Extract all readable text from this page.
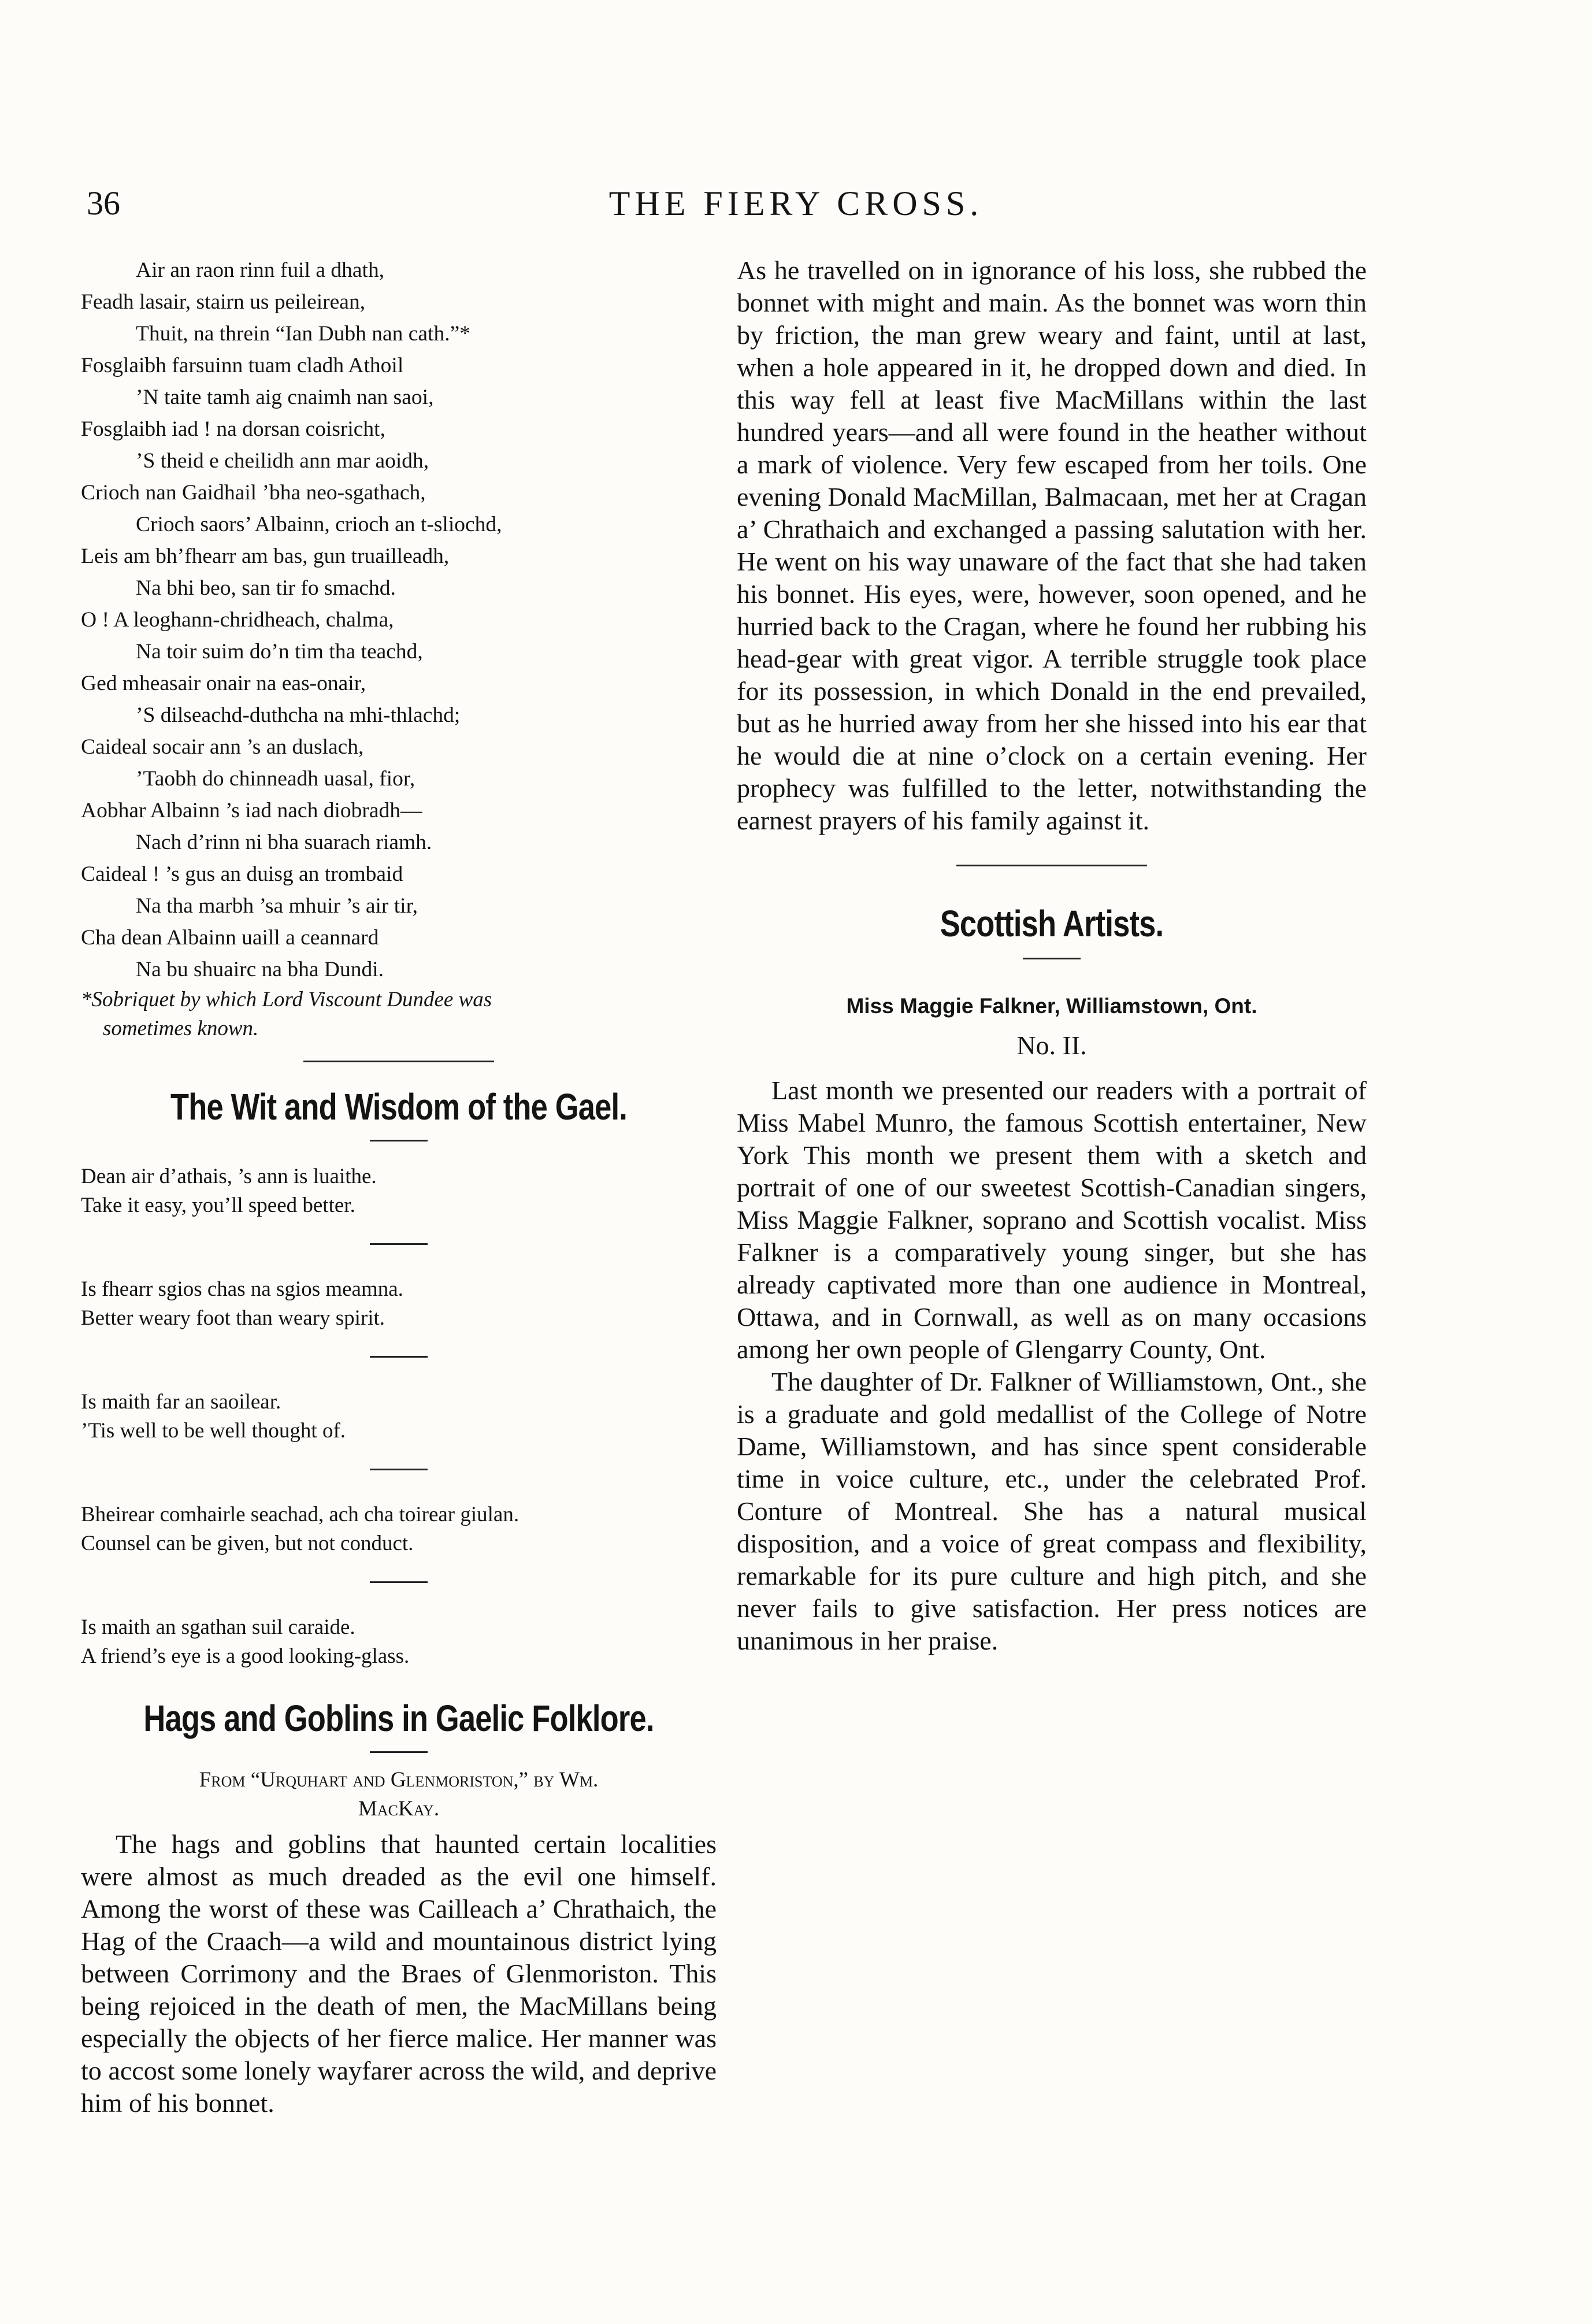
36	THE FIERY CROSS.
Air an raon rinn fuil a dhath,
Feadh lasair, stairn us peileirean,
Thuit, na threin “Ian Dubh nan cath.”*
Fosglaibh farsuinn tuam cladh Athoil
’N taite tamh aig cnaimh nan saoi,
Fosglaibh iad ! na dorsan coisricht,
’S theid e cheilidh ann mar aoidh,
Crioch nan Gaidhail ’bha neo-sgathach,
Crioch saors’ Albainn, crioch an t-sliochd,
Leis am bh’fhearr am bas, gun truailleadh,
Na bhi beo, san tir fo smachd.
O ! A leoghann-chridheach, chalma,
Na toir suim do’n tim tha teachd,
Ged mheasair onair na eas-onair,
’S dilseachd-duthcha na mhi-thlachd;
Caideal socair ann ’s an duslach,
’Taobh do chinneadh uasal, fior,
Aobhar Albainn ’s iad nach diobradh—
Nach d’rinn ni bha suarach riamh.
Caideal ! ’s gus an duisg an trombaid
Na tha marbh ’sa mhuir ’s air tir,
Cha dean Albainn uaill a ceannard
Na bu shuairc na bha Dundi.
*Sobriquet by which Lord Viscount Dundee was
sometimes known.
The Wit and Wisdom of the Gael.
Dean air d’athais, ’s ann is luaithe.
Take it easy, you’ll speed better.
Is fhearr sgios chas na sgios meamna.
Better weary foot than weary spirit.
Is maith far an saoilear.
’Tis well to be well thought of.
Bheirear comhairle seachad, ach cha toirear giulan.
Counsel can be given, but not conduct.
Is maith an sgathan suil caraide.
A friend’s eye is a good looking-glass.
Hags and Goblins in Gaelic Folklore.
From “Urquhart and Glenmoriston,” by Wm.
MacKay.

The hags and goblins that haunted certain localities were almost as much dreaded as the evil one himself. Among the worst of these was Cailleach a’ Chrathaich, the Hag of the Craach—a wild and mountainous district lying between Corrimony and the Braes of Glenmoriston. This being rejoiced in the death of men, the MacMillans being especially the objects of her fierce malice. Her manner was to accost some lonely wayfarer across the wild, and deprive him of his bonnet.

As he travelled on in ignorance of his loss, she rubbed the bonnet with might and main. As the bonnet was worn thin by friction, the man grew weary and faint, until at last, when a hole appeared in it, he dropped down and died. In this way fell at least five MacMillans within the last hundred years—and all were found in the heather without a mark of violence. Very few escaped from her toils. One evening Donald MacMillan, Balmacaan, met her at Cragan a’ Chrathaich and exchanged a passing salutation with her. He went on his way unaware of the fact that she had taken his bonnet. His eyes, were, however, soon opened, and he hurried back to the Cragan, where he found her rubbing his head-gear with great vigor. A terrible struggle took place for its possession, in which Donald in the end prevailed, but as he hurried away from her she hissed into his ear that he would die at nine o’clock on a certain evening. Her prophecy was fulfilled to the letter, notwithstanding the earnest prayers of his family against it.

Scottish Artists.
Miss Maggie Falkner, Williamstown, Ont.
No. II.

Last month we presented our readers with a portrait of Miss Mabel Munro, the famous Scottish entertainer, New York This month we present them with a sketch and portrait of one of our sweetest Scottish-Canadian singers, Miss Maggie Falkner, soprano and Scottish vocalist. Miss Falkner is a comparatively young singer, but she has already captivated more than one audience in Montreal, Ottawa, and in Cornwall, as well as on many occasions among her own people of Glengarry County, Ont.

The daughter of Dr. Falkner of Williamstown, Ont., she is a graduate and gold medallist of the College of Notre Dame, Williamstown, and has since spent considerable time in voice culture, etc., under the celebrated Prof. Conture of Montreal. She has a natural musical disposition, and a voice of great compass and flexibility, remarkable for its pure culture and high pitch, and she never fails to give satisfaction. Her press notices are unanimous in her praise.
